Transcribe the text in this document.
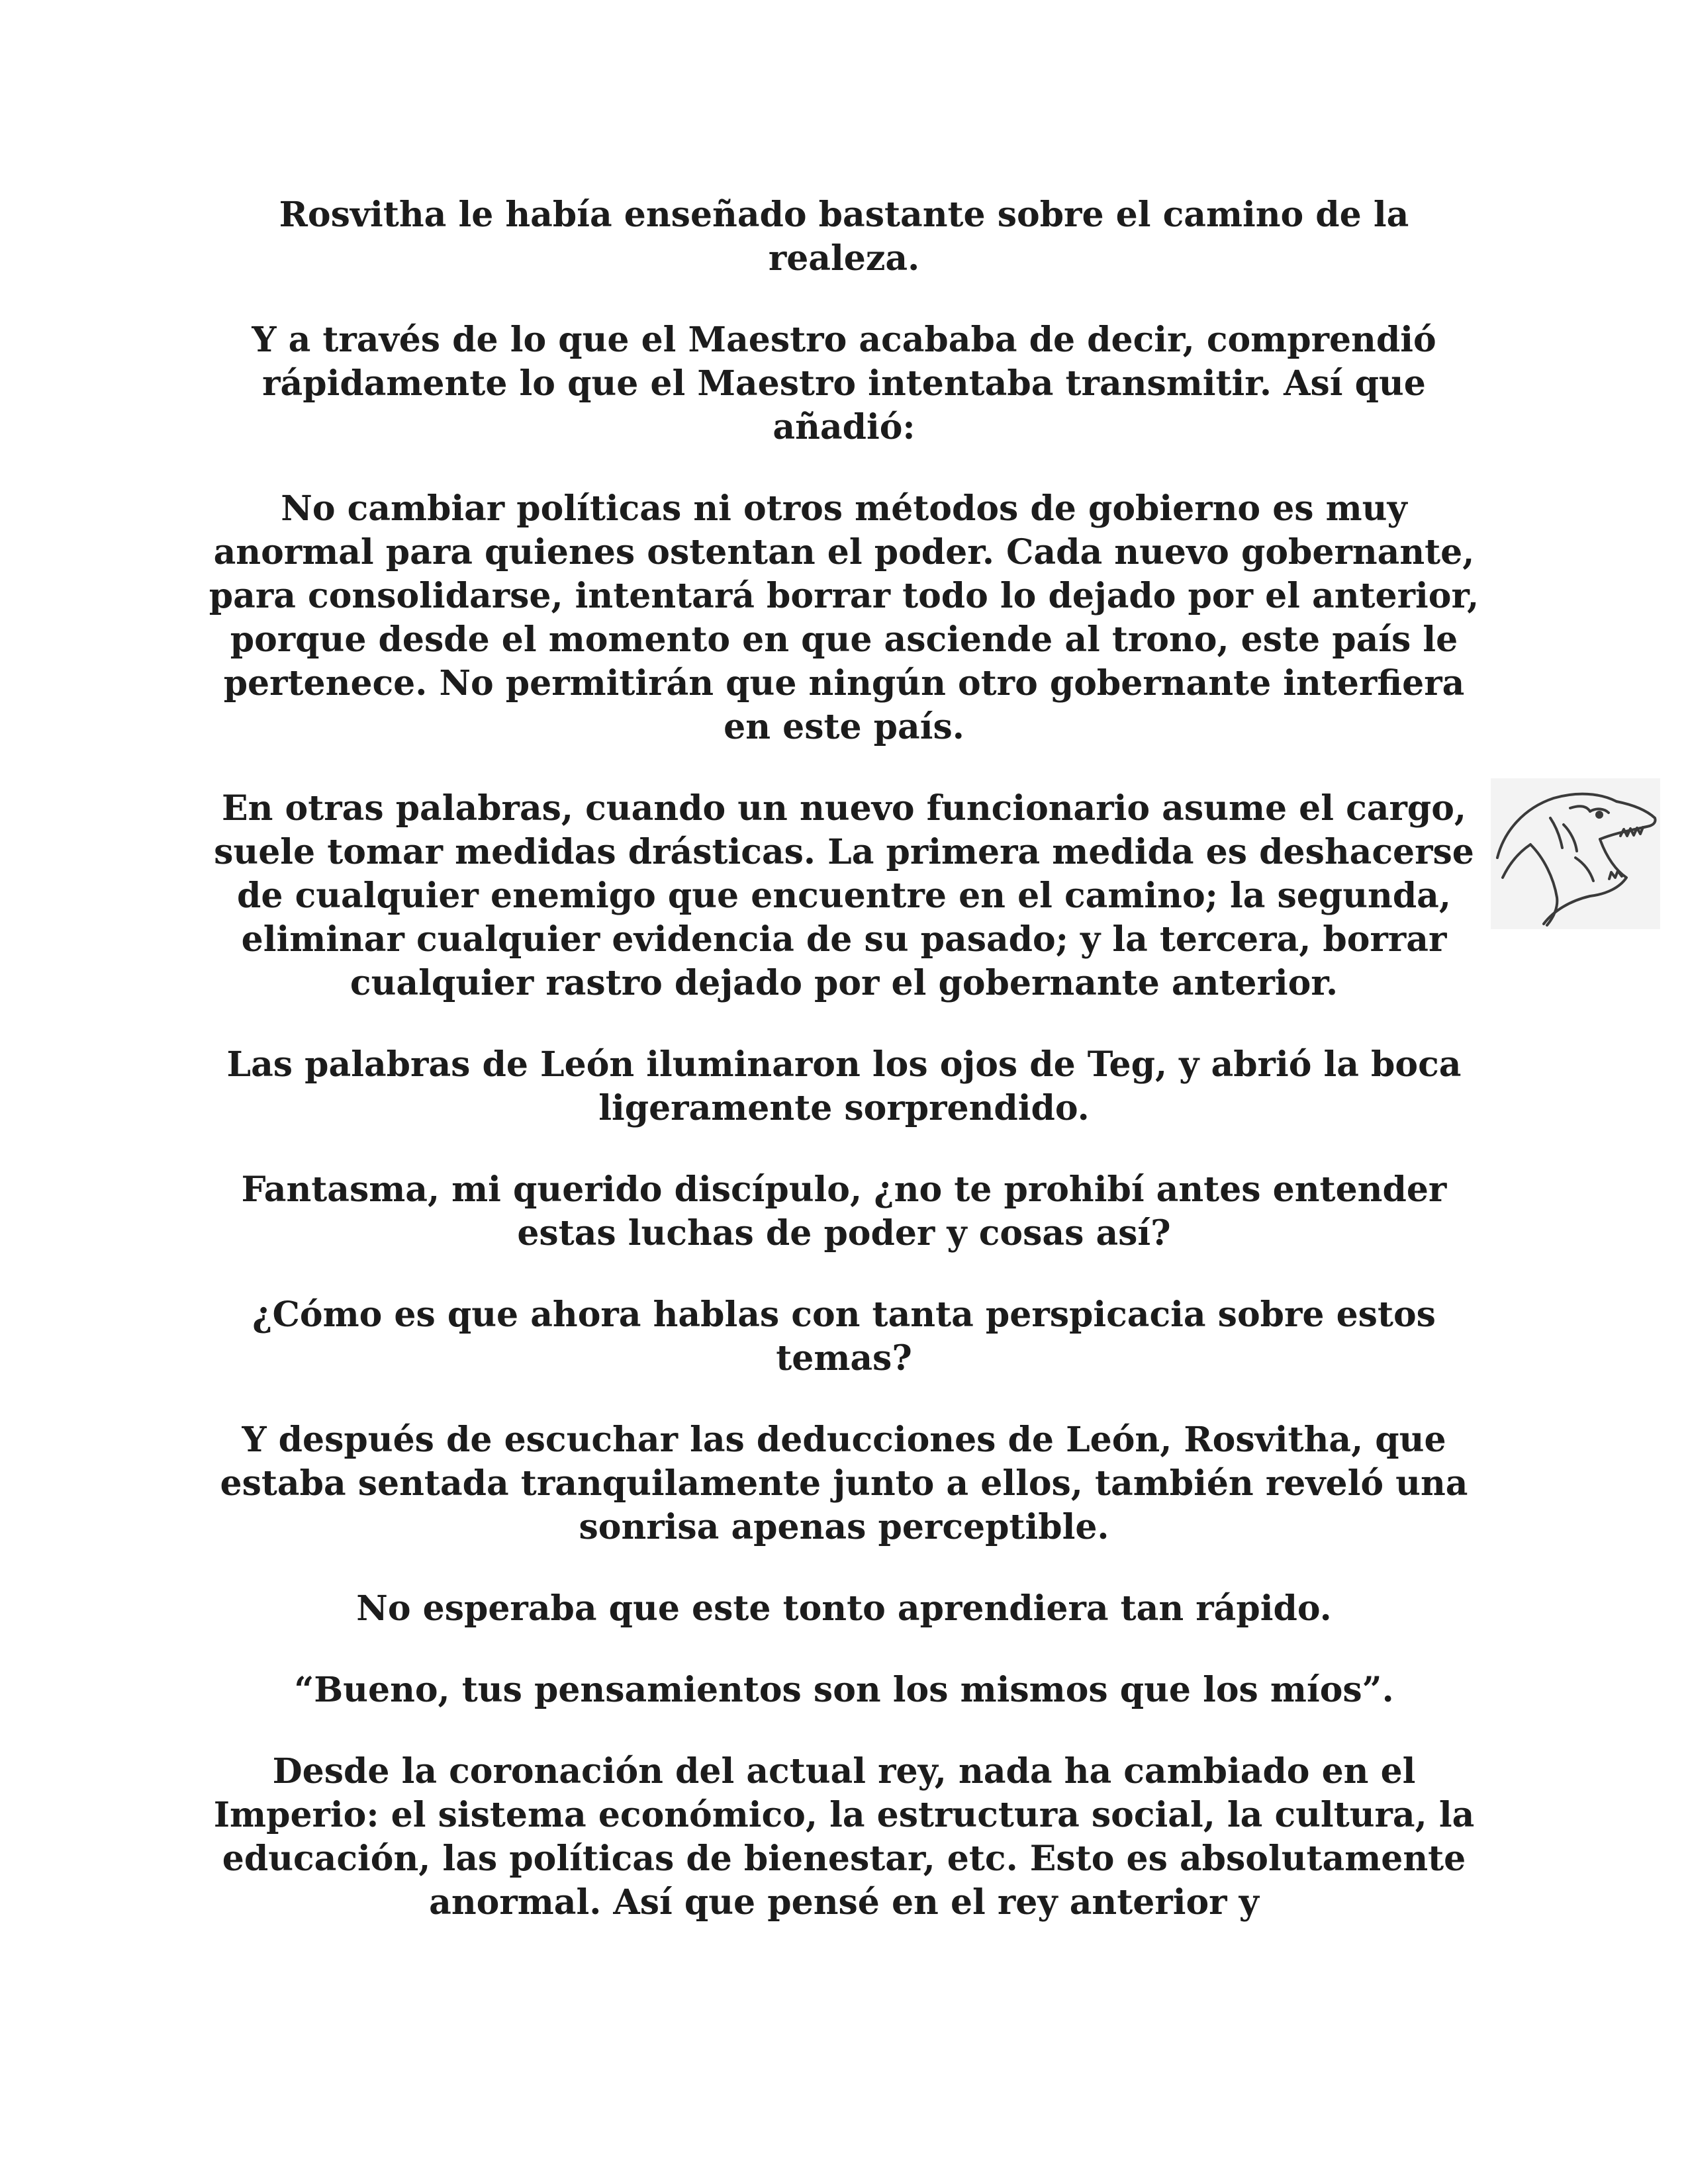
Rosvitha le había enseñado bastante sobre el camino de la realeza.

Y a través de lo que el Maestro acababa de decir, comprendió rápidamente lo que el Maestro intentaba transmitir. Así que añadió:

No cambiar políticas ni otros métodos de gobierno es muy anormal para quienes ostentan el poder. Cada nuevo gobernante, para consolidarse, intentará borrar todo lo dejado por el anterior, porque desde el momento en que asciende al trono, este país le pertenece. No permitirán que ningún otro gobernante interfiera en este país.

En otras palabras, cuando un nuevo funcionario asume el cargo, suele tomar medidas drásticas. La primera medida es deshacerse de cualquier enemigo que encuentre en el camino; la segunda, eliminar cualquier evidencia de su pasado; y la tercera, borrar cualquier rastro dejado por el gobernante anterior.

Las palabras de León iluminaron los ojos de Teg, y abrió la boca ligeramente sorprendido.

Fantasma, mi querido discípulo, ¿no te prohibí antes entender estas luchas de poder y cosas así?

¿Cómo es que ahora hablas con tanta perspicacia sobre estos temas?

Y después de escuchar las deducciones de León, Rosvitha, que estaba sentada tranquilamente junto a ellos, también reveló una sonrisa apenas perceptible.

No esperaba que este tonto aprendiera tan rápido.

“Bueno, tus pensamientos son los mismos que los míos”.

Desde la coronación del actual rey, nada ha cambiado en el Imperio: el sistema económico, la estructura social, la cultura, la educación, las políticas de bienestar, etc. Esto es absolutamente anormal. Así que pensé en el rey anterior y
